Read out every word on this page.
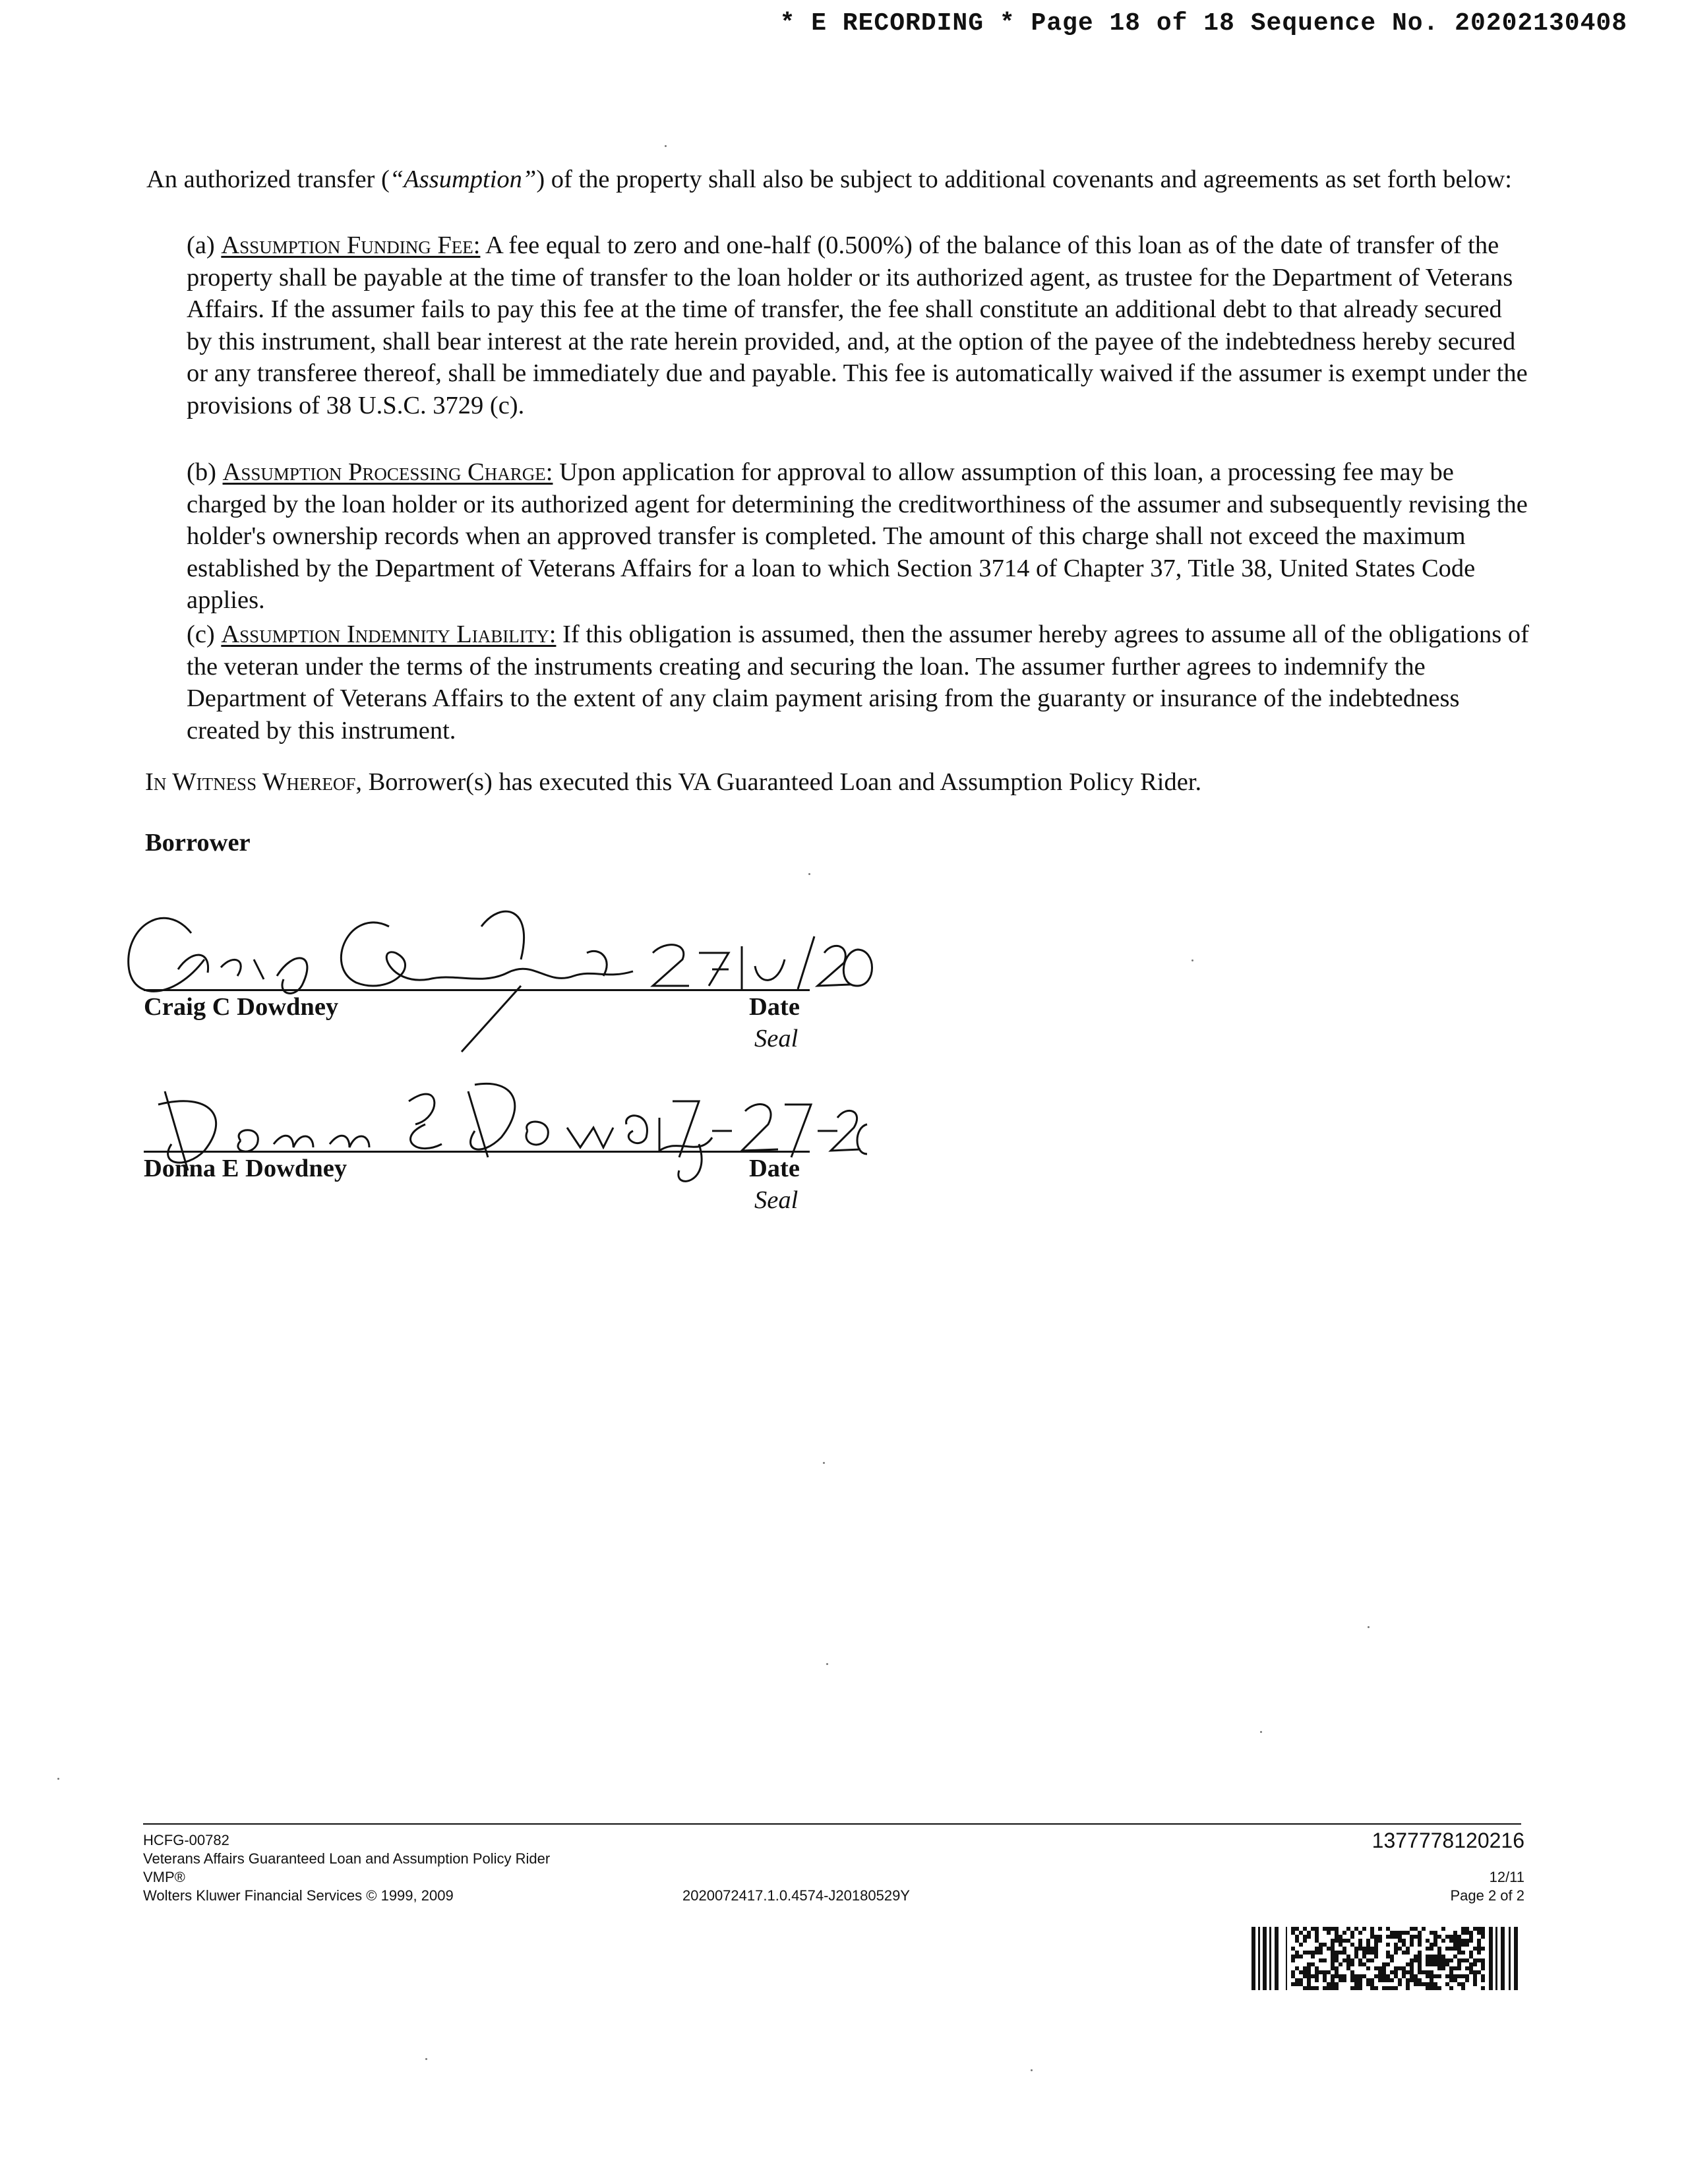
* E RECORDING * Page 18 of 18 Sequence No. 20202130408
An authorized transfer (“Assumption”) of the property shall also be subject to additional covenants and agreements as set forth below:
(a) Assumption Funding Fee: A fee equal to zero and one-half (0.500%) of the balance of this loan as of the date of transfer of the property shall be payable at the time of transfer to the loan holder or its authorized agent, as trustee for the Department of Veterans Affairs. If the assumer fails to pay this fee at the time of transfer, the fee shall constitute an additional debt to that already secured by this instrument, shall bear interest at the rate herein provided, and, at the option of the payee of the indebtedness hereby secured or any transferee thereof, shall be immediately due and payable. This fee is automatically waived if the assumer is exempt under the provisions of 38 U.S.C. 3729 (c).
(b) Assumption Processing Charge: Upon application for approval to allow assumption of this loan, a processing fee may be charged by the loan holder or its authorized agent for determining the creditworthiness of the assumer and subsequently revising the holder's ownership records when an approved transfer is completed. The amount of this charge shall not exceed the maximum established by the Department of Veterans Affairs for a loan to which Section 3714 of Chapter 37, Title 38, United States Code applies.
(c) Assumption Indemnity Liability: If this obligation is assumed, then the assumer hereby agrees to assume all of the obligations of the veteran under the terms of the instruments creating and securing the loan. The assumer further agrees to indemnify the Department of Veterans Affairs to the extent of any claim payment arising from the guaranty or insurance of the indebtedness created by this instrument.
In Witness Whereof, Borrower(s) has executed this VA Guaranteed Loan and Assumption Policy Rider.
Borrower
Craig C Dowdney	Date
Seal
Donna E Dowdney	Date
Seal
HCFG-00782
Veterans Affairs Guaranteed Loan and Assumption Policy Rider
VMP®
Wolters Kluwer Financial Services © 1999, 2009	2020072417.1.0.4574-J20180529Y
1377778120216
12/11
Page 2 of 2
